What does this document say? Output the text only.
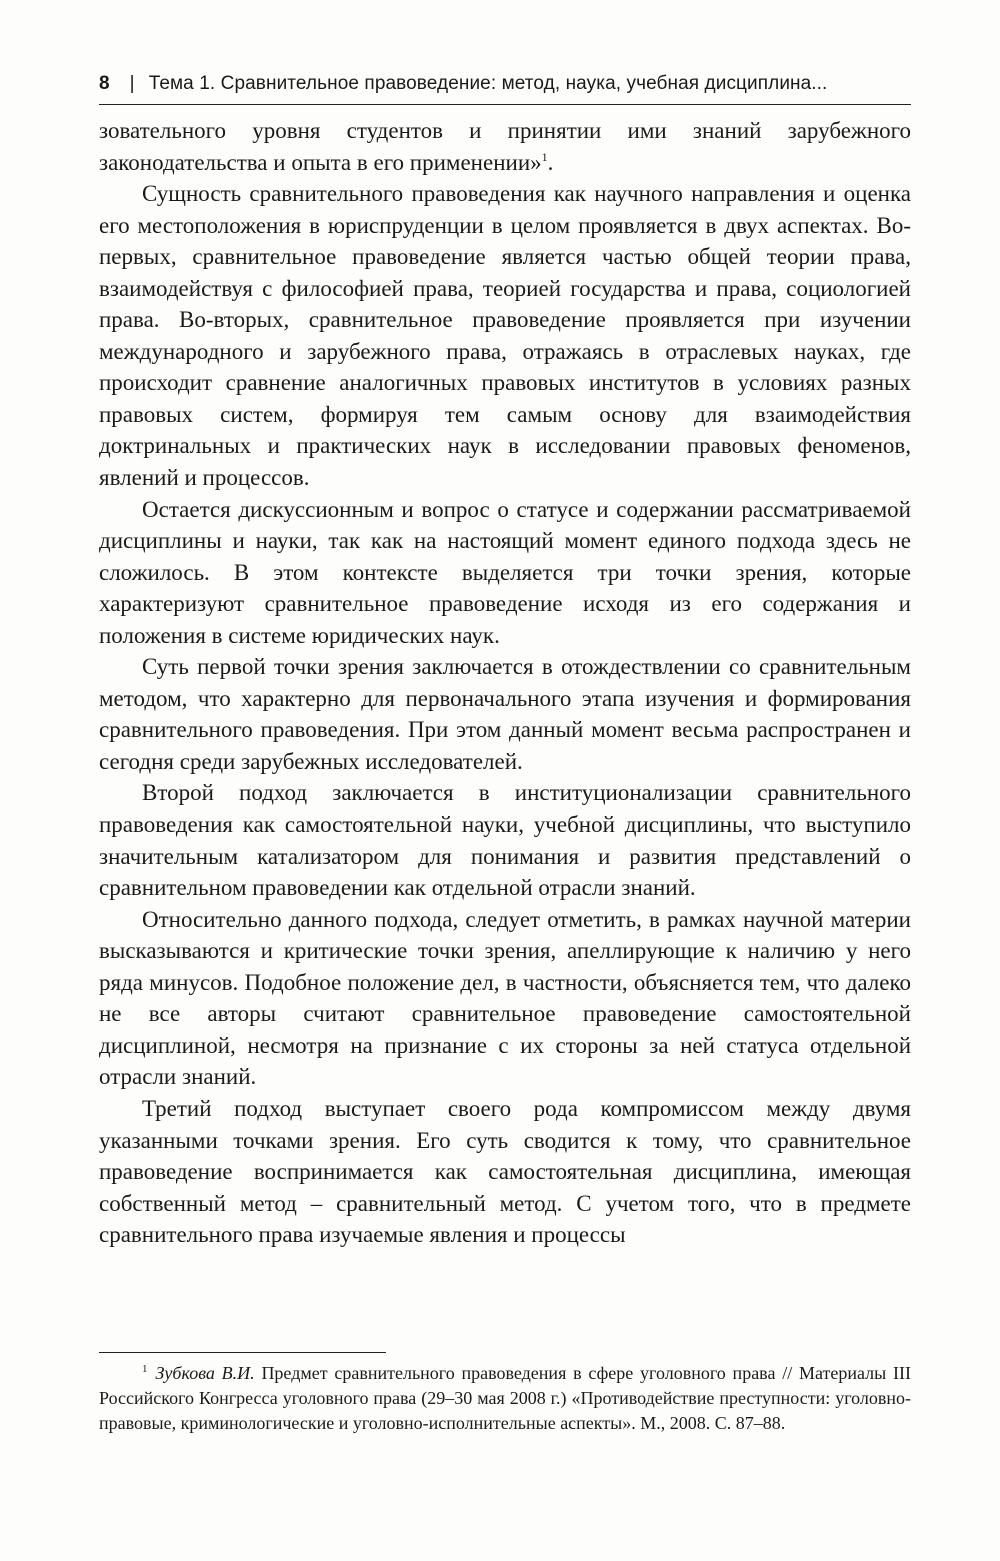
8 | Тема 1. Сравнительное правоведение: метод, наука, учебная дисциплина...

зовательного уровня студентов и принятии ими знаний зарубежного законодательства и опыта в его применении»$^1$.

Сущность сравнительного правоведения как научного направления и оценка его местоположения в юриспруденции в целом проявляется в двух аспектах. Во-первых, сравнительное правоведение является частью общей теории права, взаимодействуя с философией права, теорией государства и права, социологией права. Во-вторых, сравнительное правоведение проявляется при изучении международного и зарубежного права, отражаясь в отраслевых науках, где происходит сравнение аналогичных правовых институтов в условиях разных правовых систем, формируя тем самым основу для взаимодействия доктринальных и практических наук в исследовании правовых феноменов, явлений и процессов.

Остается дискуссионным и вопрос о статусе и содержании рассматриваемой дисциплины и науки, так как на настоящий момент единого подхода здесь не сложилось. В этом контексте выделяется три точки зрения, которые характеризуют сравнительное правоведение исходя из его содержания и положения в системе юридических наук.

Суть первой точки зрения заключается в отождествлении со сравнительным методом, что характерно для первоначального этапа изучения и формирования сравнительного правоведения. При этом данный момент весьма распространен и сегодня среди зарубежных исследователей.

Второй подход заключается в институционализации сравнительного правоведения как самостоятельной науки, учебной дисциплины, что выступило значительным катализатором для понимания и развития представлений о сравнительном правоведении как отдельной отрасли знаний.

Относительно данного подхода, следует отметить, в рамках научной материи высказываются и критические точки зрения, апеллирующие к наличию у него ряда минусов. Подобное положение дел, в частности, объясняется тем, что далеко не все авторы считают сравнительное правоведение самостоятельной дисциплиной, несмотря на признание с их стороны за ней статуса отдельной отрасли знаний.

Третий подход выступает своего рода компромиссом между двумя указанными точками зрения. Его суть сводится к тому, что сравнительное правоведение воспринимается как самостоятельная дисциплина, имеющая собственный метод – сравнительный метод. С учетом того, что в предмете сравнительного права изучаемые явления и процессы

$^1$ Зубкова В.И. Предмет сравнительного правоведения в сфере уголовного права // Материалы III Российского Конгресса уголовного права (29–30 мая 2008 г.) «Противодействие преступности: уголовно-правовые, криминологические и уголовно-исполнительные аспекты». М., 2008. С. 87–88.
